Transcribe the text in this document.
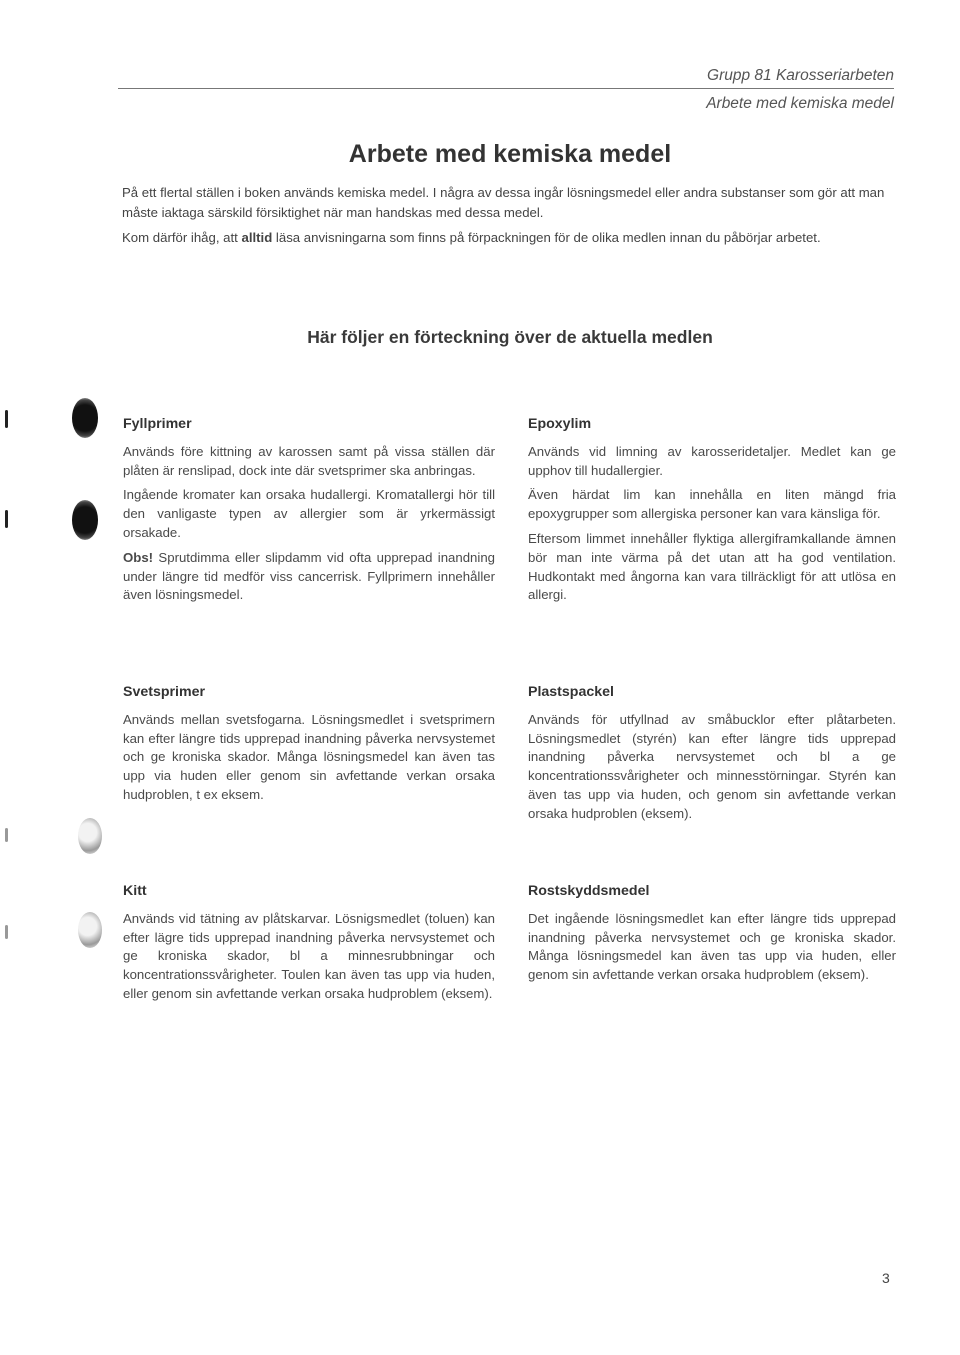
Grupp 81 Karosseriarbeten
Arbete med kemiska medel
Arbete med kemiska medel

På ett flertal ställen i boken används kemiska medel. I några av dessa ingår lösningsmedel eller andra substanser som gör att man måste iaktaga särskild försiktighet när man handskas med dessa medel.

Kom därför ihåg, att alltid läsa anvisningarna som finns på förpackningen för de olika medlen innan du påbörjar arbetet.

Här följer en förteckning över de aktuella medlen
Fyllprimer

Används före kittning av karossen samt på vissa ställen där plåten är renslipad, dock inte där svetsprimer ska anbringas.

Ingående kromater kan orsaka hudallergi. Kromatallergi hör till den vanligaste typen av allergier som är yrkermässigt orsakade.

Obs! Sprutdimma eller slipdamm vid ofta upprepad inandning under längre tid medför viss cancerrisk. Fyllprimern innehåller även lösningsmedel.

Epoxylim

Används vid limning av karosseridetaljer. Medlet kan ge upphov till hudallergier.

Även härdat lim kan innehålla en liten mängd fria epoxygrupper som allergiska personer kan vara känsliga för.

Eftersom limmet innehåller flyktiga allergiframkallande ämnen bör man inte värma på det utan att ha god ventilation. Hudkontakt med ångorna kan vara tillräckligt för att utlösa en allergi.

Svetsprimer

Används mellan svetsfogarna. Lösningsmedlet i svetsprimern kan efter längre tids upprepad inandning påverka nervsystemet och ge kroniska skador. Många lösningsmedel kan även tas upp via huden eller genom sin avfettande verkan orsaka hudproblen, t ex eksem.

Plastspackel

Används för utfyllnad av småbucklor efter plåtarbeten. Lösningsmedlet (styrén) kan efter längre tids upprepad inandning påverka nervsystemet och bl a ge koncentrationssvårigheter och minnesstörningar. Styrén kan även tas upp via huden, och genom sin avfettande verkan orsaka hudproblen (eksem).

Kitt

Används vid tätning av plåtskarvar. Lösnigsmedlet (toluen) kan efter lägre tids upprepad inandning påverka nervsystemet och ge kroniska skador, bl a minnesrubbningar och koncentrationssvårigheter. Toulen kan även tas upp via huden, eller genom sin avfettande verkan orsaka hudproblem (eksem).

Rostskyddsmedel

Det ingående lösningsmedlet kan efter längre tids upprepad inandning påverka nervsystemet och ge kroniska skador. Många lösningsmedel kan även tas upp via huden, eller genom sin avfettande verkan orsaka hudproblem (eksem).

3
